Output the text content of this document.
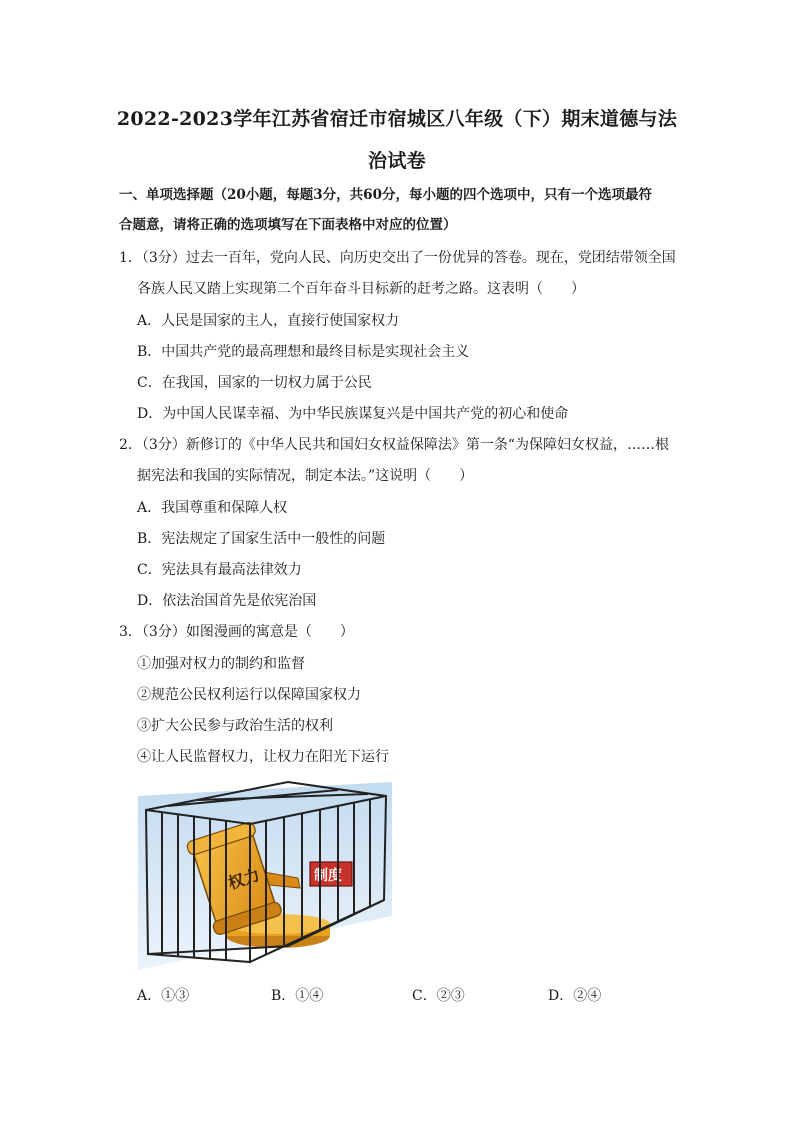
2022-2023学年江苏省宿迁市宿城区八年级（下）期末道德与法
治试卷
一、单项选择题（20小题，每题3分，共60分，每小题的四个选项中，只有一个选项最符
合题意，请将正确的选项填写在下面表格中对应的位置）
1．（3分）过去一百年，党向人民、向历史交出了一份优异的答卷。现在，党团结带领全国
各族人民又踏上实现第二个百年奋斗目标新的赶考之路。这表明（　　）
A．人民是国家的主人，直接行使国家权力
B．中国共产党的最高理想和最终目标是实现社会主义
C．在我国，国家的一切权力属于公民
D．为中国人民谋幸福、为中华民族谋复兴是中国共产党的初心和使命
2．（3分）新修订的《中华人民共和国妇女权益保障法》第一条“为保障妇女权益，……根
据宪法和我国的实际情况，制定本法。”这说明（　　）
A．我国尊重和保障人权
B．宪法规定了国家生活中一般性的问题
C．宪法具有最高法律效力
D．依法治国首先是依宪治国
3．（3分）如图漫画的寓意是（　　）
①加强对权力的制约和监督
②规范公民权利运行以保障国家权力
③扩大公民参与政治生活的权利
④让人民监督权力，让权力在阳光下运行
权力	制度
A．①③	B．①④	C．②③	D．②④
